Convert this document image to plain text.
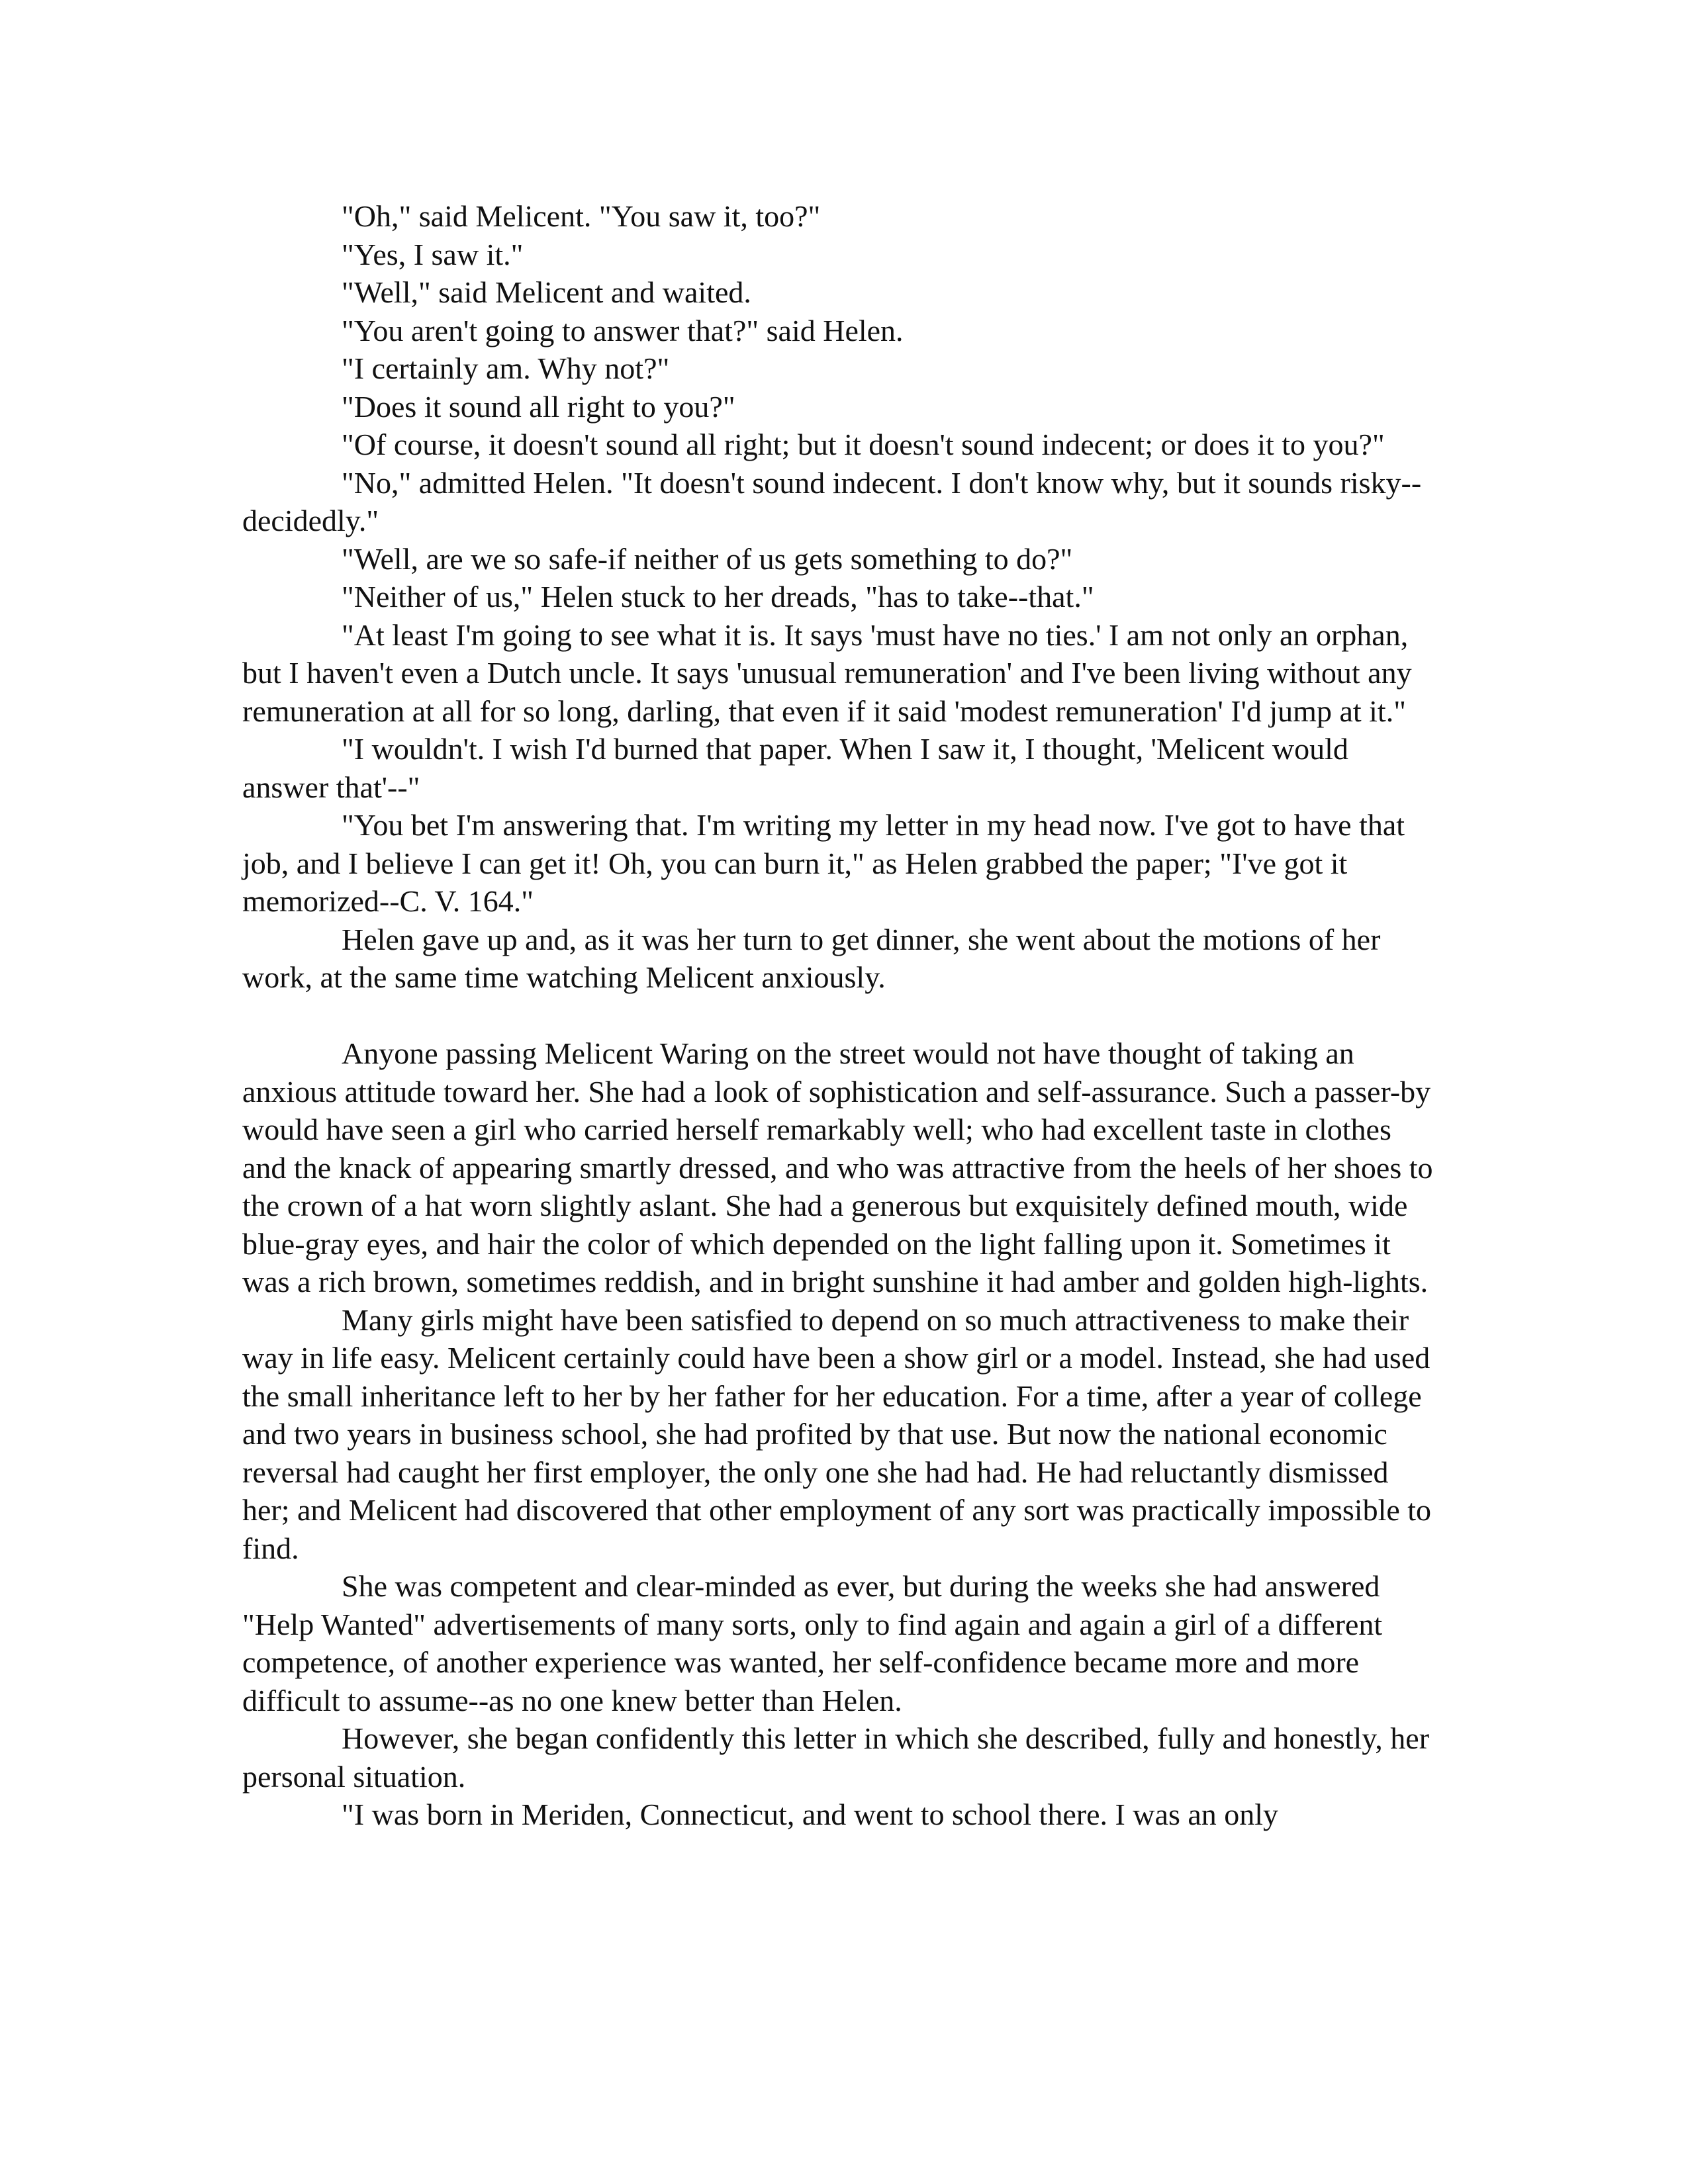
"Oh," said Melicent. "You saw it, too?"

"Yes, I saw it."

"Well," said Melicent and waited.

"You aren't going to answer that?" said Helen.

"I certainly am. Why not?"

"Does it sound all right to you?"

"Of course, it doesn't sound all right; but it doesn't sound indecent; or does it to you?"

"No," admitted Helen. "It doesn't sound indecent. I don't know why, but it sounds risky--decidedly."

"Well, are we so safe-if neither of us gets something to do?"

"Neither of us," Helen stuck to her dreads, "has to take--that."

"At least I'm going to see what it is. It says 'must have no ties.' I am not only an orphan, but I haven't even a Dutch uncle. It says 'unusual remuneration' and I've been living without any remuneration at all for so long, darling, that even if it said 'modest remuneration' I'd jump at it."

"I wouldn't. I wish I'd burned that paper. When I saw it, I thought, 'Melicent would answer that'--"

"You bet I'm answering that. I'm writing my letter in my head now. I've got to have that job, and I believe I can get it! Oh, you can burn it," as Helen grabbed the paper; "I've got it memorized--C. V. 164."

Helen gave up and, as it was her turn to get dinner, she went about the motions of her work, at the same time watching Melicent anxiously.

Anyone passing Melicent Waring on the street would not have thought of taking an anxious attitude toward her. She had a look of sophistication and self-assurance. Such a passer-by would have seen a girl who carried herself remarkably well; who had excellent taste in clothes and the knack of appearing smartly dressed, and who was attractive from the heels of her shoes to the crown of a hat worn slightly aslant. She had a generous but exquisitely defined mouth, wide blue-gray eyes, and hair the color of which depended on the light falling upon it. Sometimes it was a rich brown, sometimes reddish, and in bright sunshine it had amber and golden high-lights.

Many girls might have been satisfied to depend on so much attractiveness to make their way in life easy. Melicent certainly could have been a show girl or a model. Instead, she had used the small inheritance left to her by her father for her education. For a time, after a year of college and two years in business school, she had profited by that use. But now the national economic reversal had caught her first employer, the only one she had had. He had reluctantly dismissed her; and Melicent had discovered that other employment of any sort was practically impossible to find.

She was competent and clear-minded as ever, but during the weeks she had answered "Help Wanted" advertisements of many sorts, only to find again and again a girl of a different competence, of another experience was wanted, her self-confidence became more and more difficult to assume--as no one knew better than Helen.

However, she began confidently this letter in which she described, fully and honestly, her personal situation.

"I was born in Meriden, Connecticut, and went to school there. I was an only
